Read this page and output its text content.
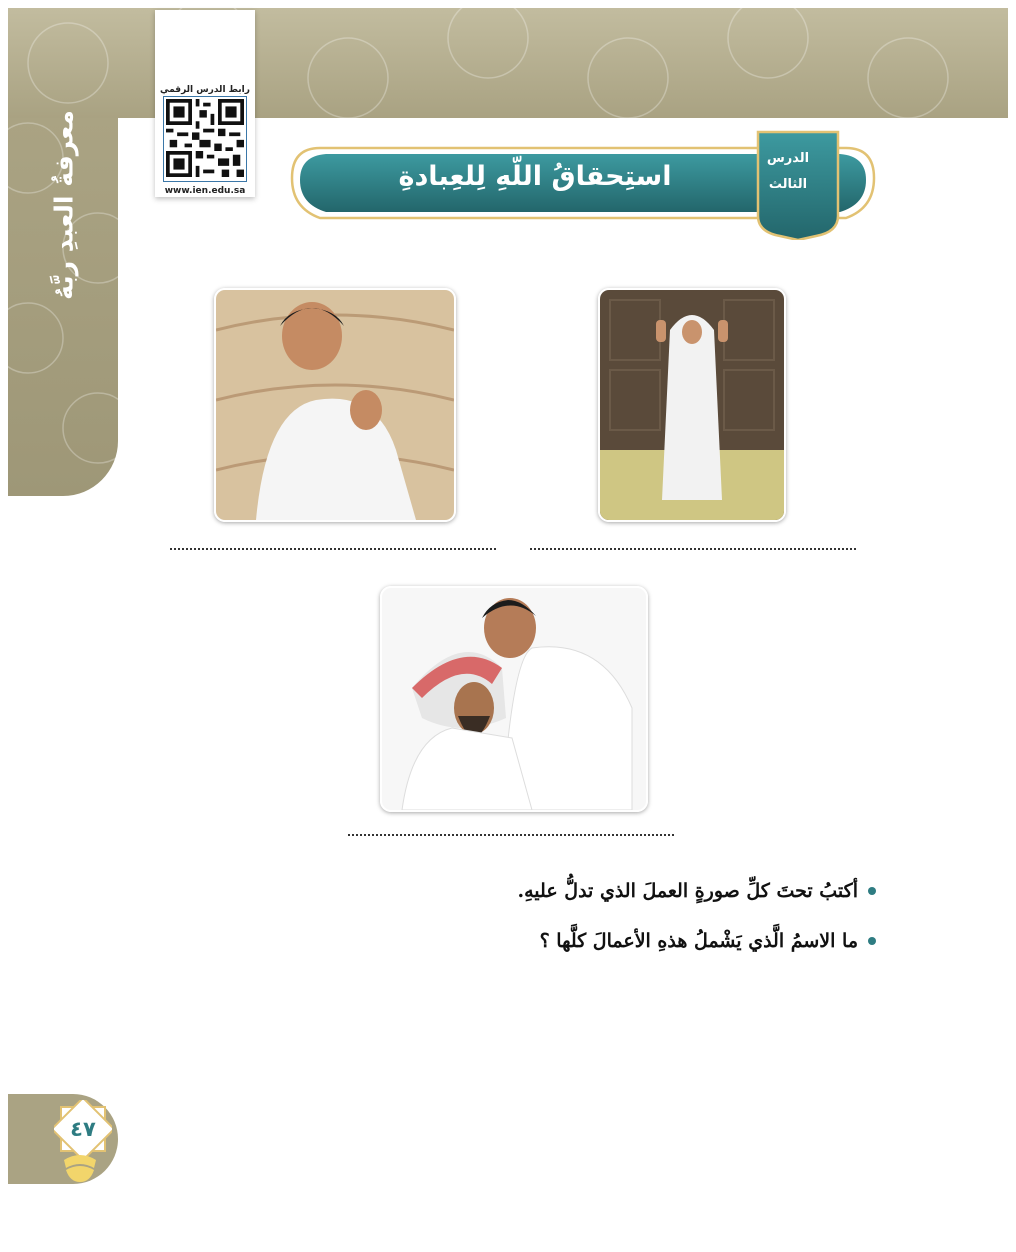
معرفةُ العبدِ ربَّهُ
رابط الدرس الرقمي
www.ien.edu.sa	استِحقاقُ اللّهِ لِلعِبادةِ
الدرس
الثالث
أكتبُ تحتَ كلِّ صورةٍ العملَ الذي تدلُّ عليهِ.
ما الاسمُ الَّذي يَشْملُ هذهِ الأعمالَ كلَّها ؟
٤٧
